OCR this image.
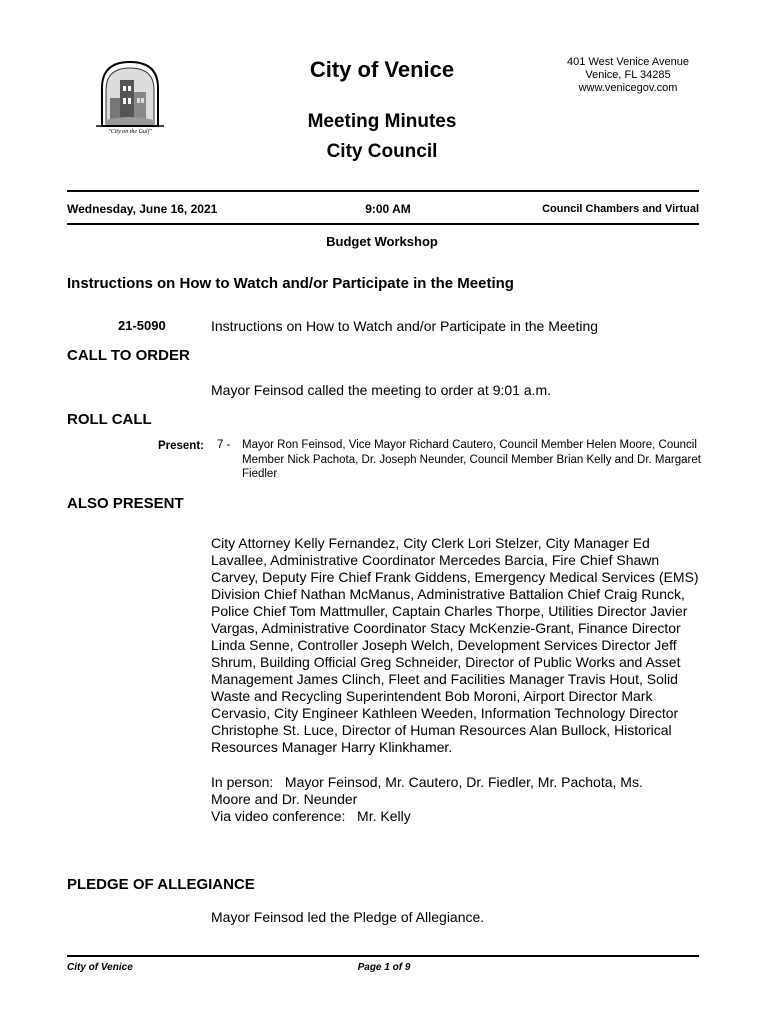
"City on the Gulf"
City of Venice	401 West Venice Avenue
Venice, FL 34285
www.venicegov.com
Meeting Minutes
City Council
Wednesday, June 16, 2021	9:00 AM	Council Chambers and Virtual
Budget Workshop
Instructions on How to Watch and/or Participate in the Meeting
21-5090	Instructions on How to Watch and/or Participate in the Meeting
CALL TO ORDER
Mayor Feinsod called the meeting to order at 9:01 a.m.
ROLL CALL
Present: 7 - Mayor Ron Feinsod, Vice Mayor Richard Cautero, Council Member Helen Moore, Council Member Nick Pachota, Dr. Joseph Neunder, Council Member Brian Kelly and Dr. Margaret Fiedler
ALSO PRESENT
City Attorney Kelly Fernandez, City Clerk Lori Stelzer, City Manager Ed Lavallee, Administrative Coordinator Mercedes Barcia, Fire Chief Shawn Carvey, Deputy Fire Chief Frank Giddens, Emergency Medical Services (EMS) Division Chief Nathan McManus, Administrative Battalion Chief Craig Runck, Police Chief Tom Mattmuller, Captain Charles Thorpe, Utilities Director Javier Vargas, Administrative Coordinator Stacy McKenzie-Grant, Finance Director Linda Senne, Controller Joseph Welch, Development Services Director Jeff Shrum, Building Official Greg Schneider, Director of Public Works and Asset Management James Clinch, Fleet and Facilities Manager Travis Hout, Solid Waste and Recycling Superintendent Bob Moroni, Airport Director Mark Cervasio, City Engineer Kathleen Weeden, Information Technology Director Christophe St. Luce, Director of Human Resources Alan Bullock, Historical Resources Manager Harry Klinkhamer.
In person:   Mayor Feinsod, Mr. Cautero, Dr. Fiedler, Mr. Pachota, Ms.
Moore and Dr. Neunder
Via video conference:   Mr. Kelly
PLEDGE OF ALLEGIANCE
Mayor Feinsod led the Pledge of Allegiance.
City of Venice	Page 1 of 9
